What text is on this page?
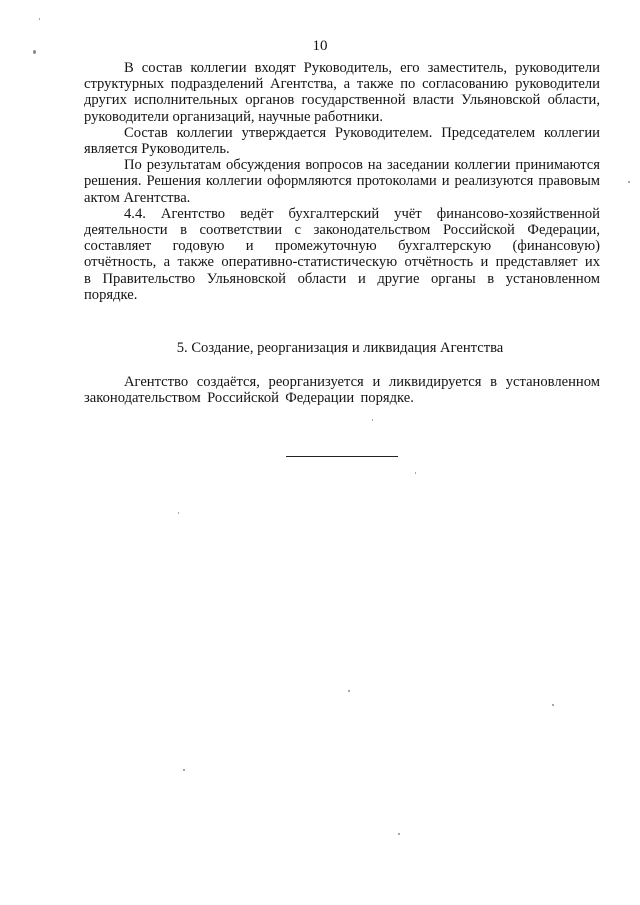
10

В состав коллегии входят Руководитель, его заместитель, руководители структурных подразделений Агентства, а также по согласованию руководители других исполнительных органов государственной власти Ульяновской области, руководители организаций, научные работники.

Состав коллегии утверждается Руководителем. Председателем коллегии является Руководитель.

По результатам обсуждения вопросов на заседании коллегии принимаются решения. Решения коллегии оформляются протоколами и реализуются правовым актом Агентства.

4.4. Агентство ведёт бухгалтерский учёт финансово-хозяйственной деятельности в соответствии с законодательством Российской Федерации, составляет годовую и промежуточную бухгалтерскую (финансовую) отчётность, а также оперативно-статистическую отчётность и представляет их в Правительство Ульяновской области и другие органы в установленном порядке.

5. Создание, реорганизация и ликвидация Агентства

Агентство создаётся, реорганизуется и ликвидируется в установленном законодательством Российской Федерации порядке.
